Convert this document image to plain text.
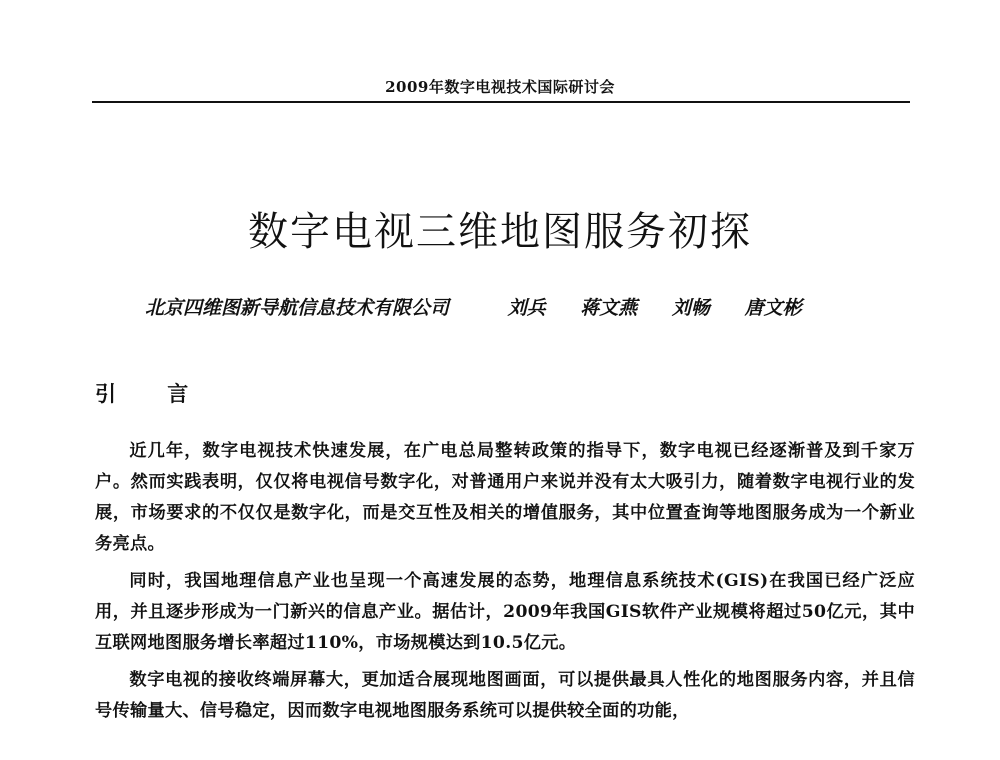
2009年数字电视技术国际研讨会
数字电视三维地图服务初探
北京四维图新导航信息技术有限公司	刘兵 蒋文燕 刘畅 唐文彬
引 言

近几年，数字电视技术快速发展，在广电总局整转政策的指导下，数字电视已经逐渐普及到千家万户。然而实践表明，仅仅将电视信号数字化，对普通用户来说并没有太大吸引力，随着数字电视行业的发展，市场要求的不仅仅是数字化，而是交互性及相关的增值服务，其中位置查询等地图服务成为一个新业务亮点。

同时，我国地理信息产业也呈现一个高速发展的态势，地理信息系统技术(GIS)在我国已经广泛应用，并且逐步形成为一门新兴的信息产业。据估计，2009年我国GIS软件产业规模将超过50亿元，其中互联网地图服务增长率超过110%，市场规模达到10.5亿元。

数字电视的接收终端屏幕大，更加适合展现地图画面，可以提供最具人性化的地图服务内容，并且信号传输量大、信号稳定，因而数字电视地图服务系统可以提供较全面的功能，
